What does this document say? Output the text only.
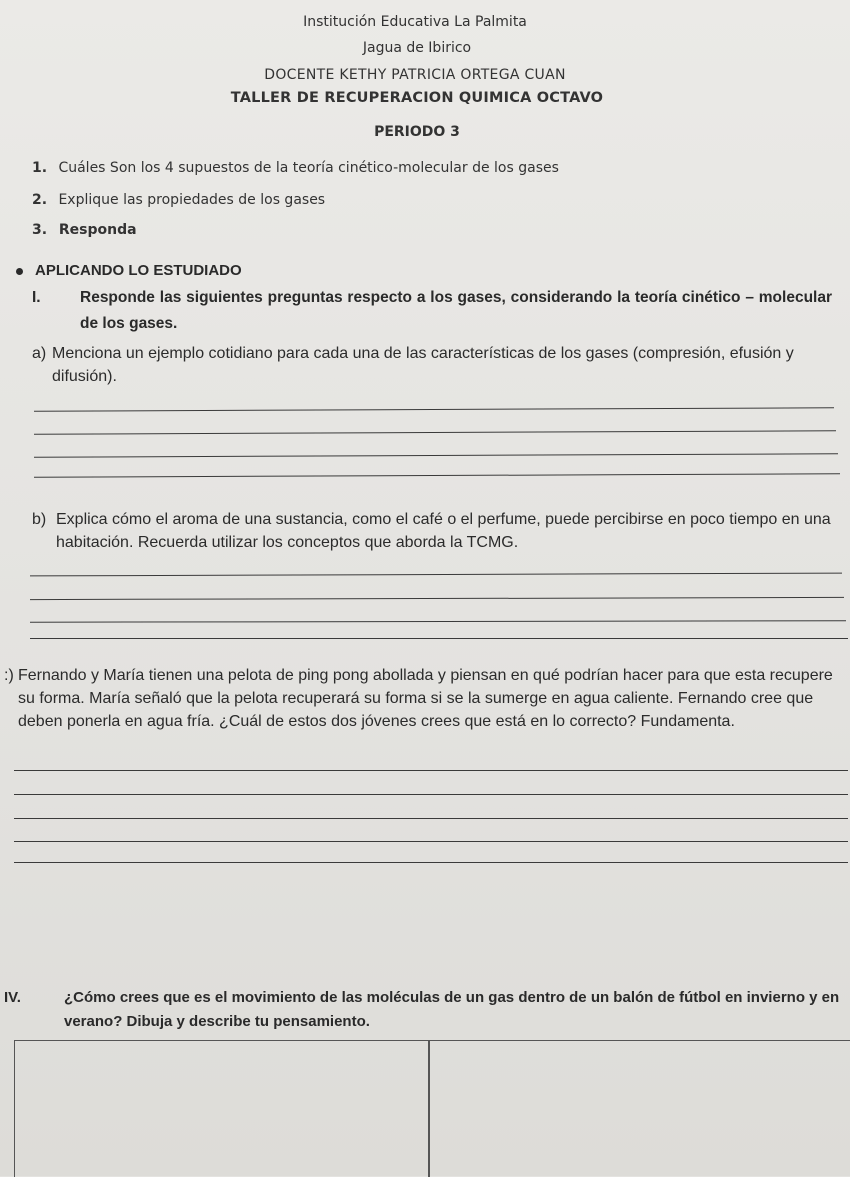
Institución Educativa La Palmita
Jagua de Ibirico
DOCENTE KETHY PATRICIA ORTEGA CUAN
TALLER DE RECUPERACION QUIMICA OCTAVO
PERIODO 3
1. Cuáles Son los 4 supuestos de la teoría cinético-molecular de los gases
2. Explique las propiedades de los gases
3. Responda
APLICANDO LO ESTUDIADO
I.	Responde las siguientes preguntas respecto a los gases, considerando la teoría cinético – molecular de los gases.
a) Menciona un ejemplo cotidiano para cada una de las características de los gases (compresión, efusión y difusión).
b) Explica cómo el aroma de una sustancia, como el café o el perfume, puede percibirse en poco tiempo en una habitación. Recuerda utilizar los conceptos que aborda la TCMG.
:) Fernando y María tienen una pelota de ping pong abollada y piensan en qué podrían hacer para que esta recupere su forma. María señaló que la pelota recuperará su forma si se la sumerge en agua caliente. Fernando cree que deben ponerla en agua fría. ¿Cuál de estos dos jóvenes crees que está en lo correcto? Fundamenta.
IV.	¿Cómo crees que es el movimiento de las moléculas de un gas dentro de un balón de fútbol en invierno y en verano? Dibuja y describe tu pensamiento.
